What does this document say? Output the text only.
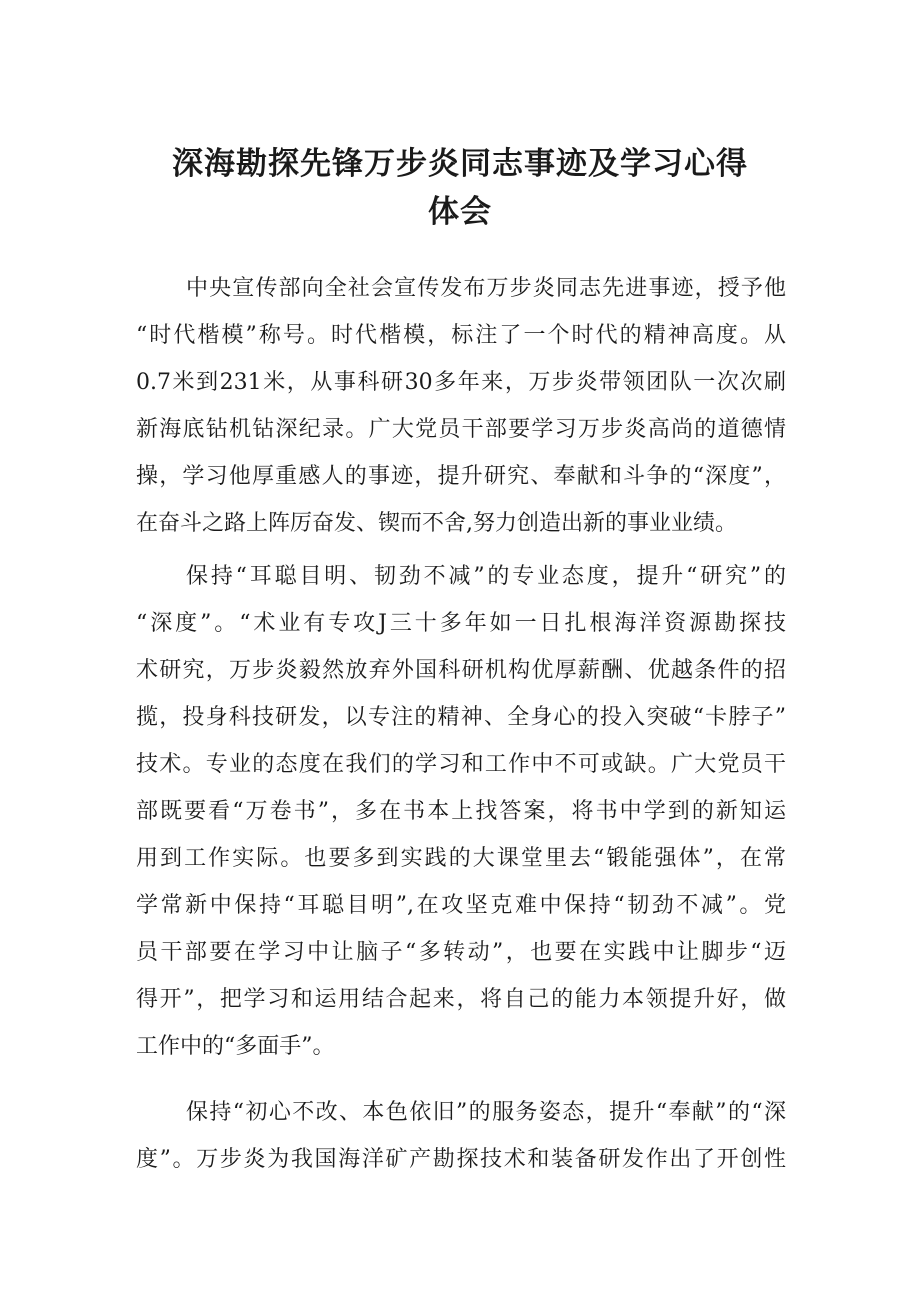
深海勘探先锋万步炎同志事迹及学习心得
体会
中央宣传部向全社会宣传发布万步炎同志先进事迹，授予他
“时代楷模”称号。时代楷模，标注了一个时代的精神高度。从
0.7米到231米，从事科研30多年来，万步炎带领团队一次次刷
新海底钻机钻深纪录。广大党员干部要学习万步炎高尚的道德情
操，学习他厚重感人的事迹，提升研究、奉献和斗争的“深度”，
在奋斗之路上阵厉奋发、锲而不舍,努力创造出新的事业业绩。
保持“耳聪目明、韧劲不减”的专业态度，提升“研究”的
“深度”。“术业有专攻J三十多年如一日扎根海洋资源勘探技
术研究，万步炎毅然放弃外国科研机构优厚薪酬、优越条件的招
揽，投身科技研发，以专注的精神、全身心的投入突破“卡脖子”
技术。专业的态度在我们的学习和工作中不可或缺。广大党员干
部既要看“万卷书”，多在书本上找答案，将书中学到的新知运
用到工作实际。也要多到实践的大课堂里去“锻能强体”，在常
学常新中保持“耳聪目明”,在攻坚克难中保持“韧劲不减”。党
员干部要在学习中让脑子“多转动”，也要在实践中让脚步“迈
得开”，把学习和运用结合起来，将自己的能力本领提升好，做
工作中的“多面手”。
保持“初心不改、本色依旧”的服务姿态，提升“奉献”的“深
度”。万步炎为我国海洋矿产勘探技术和装备研发作出了开创性
